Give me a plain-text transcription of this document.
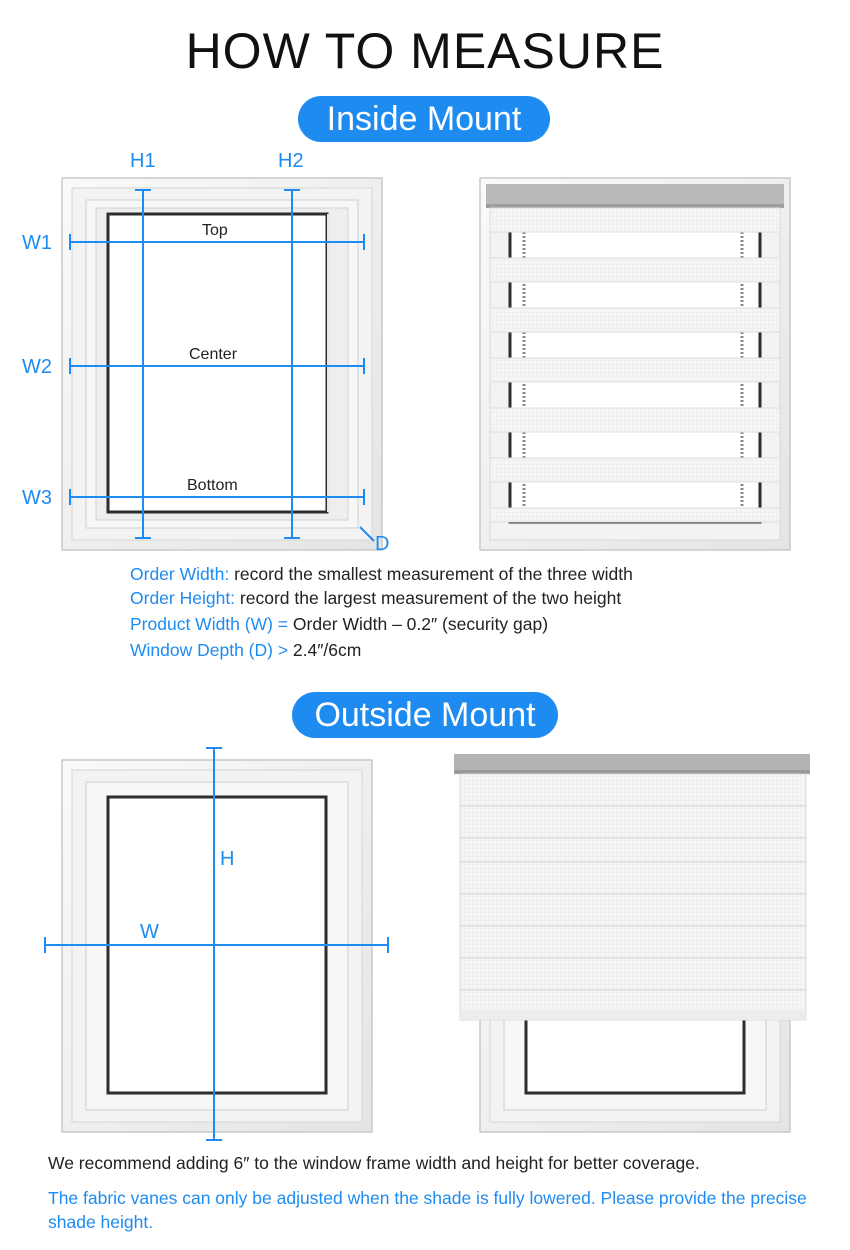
HOW TO MEASURE
Inside Mount
H1	H2
W1
W2
W3
Top
Center
Bottom
D
Order Width: record the smallest measurement of the three width
Order Height: record the largest measurement of the two height
Product Width (W) = Order Width – 0.2″ (security gap)
Window Depth (D) > 2.4″/6cm
Outside Mount
H
W
We recommend adding 6″ to the window frame width and height for better coverage.
The fabric vanes can only be adjusted when the shade is fully lowered. Please provide the precise shade height.
